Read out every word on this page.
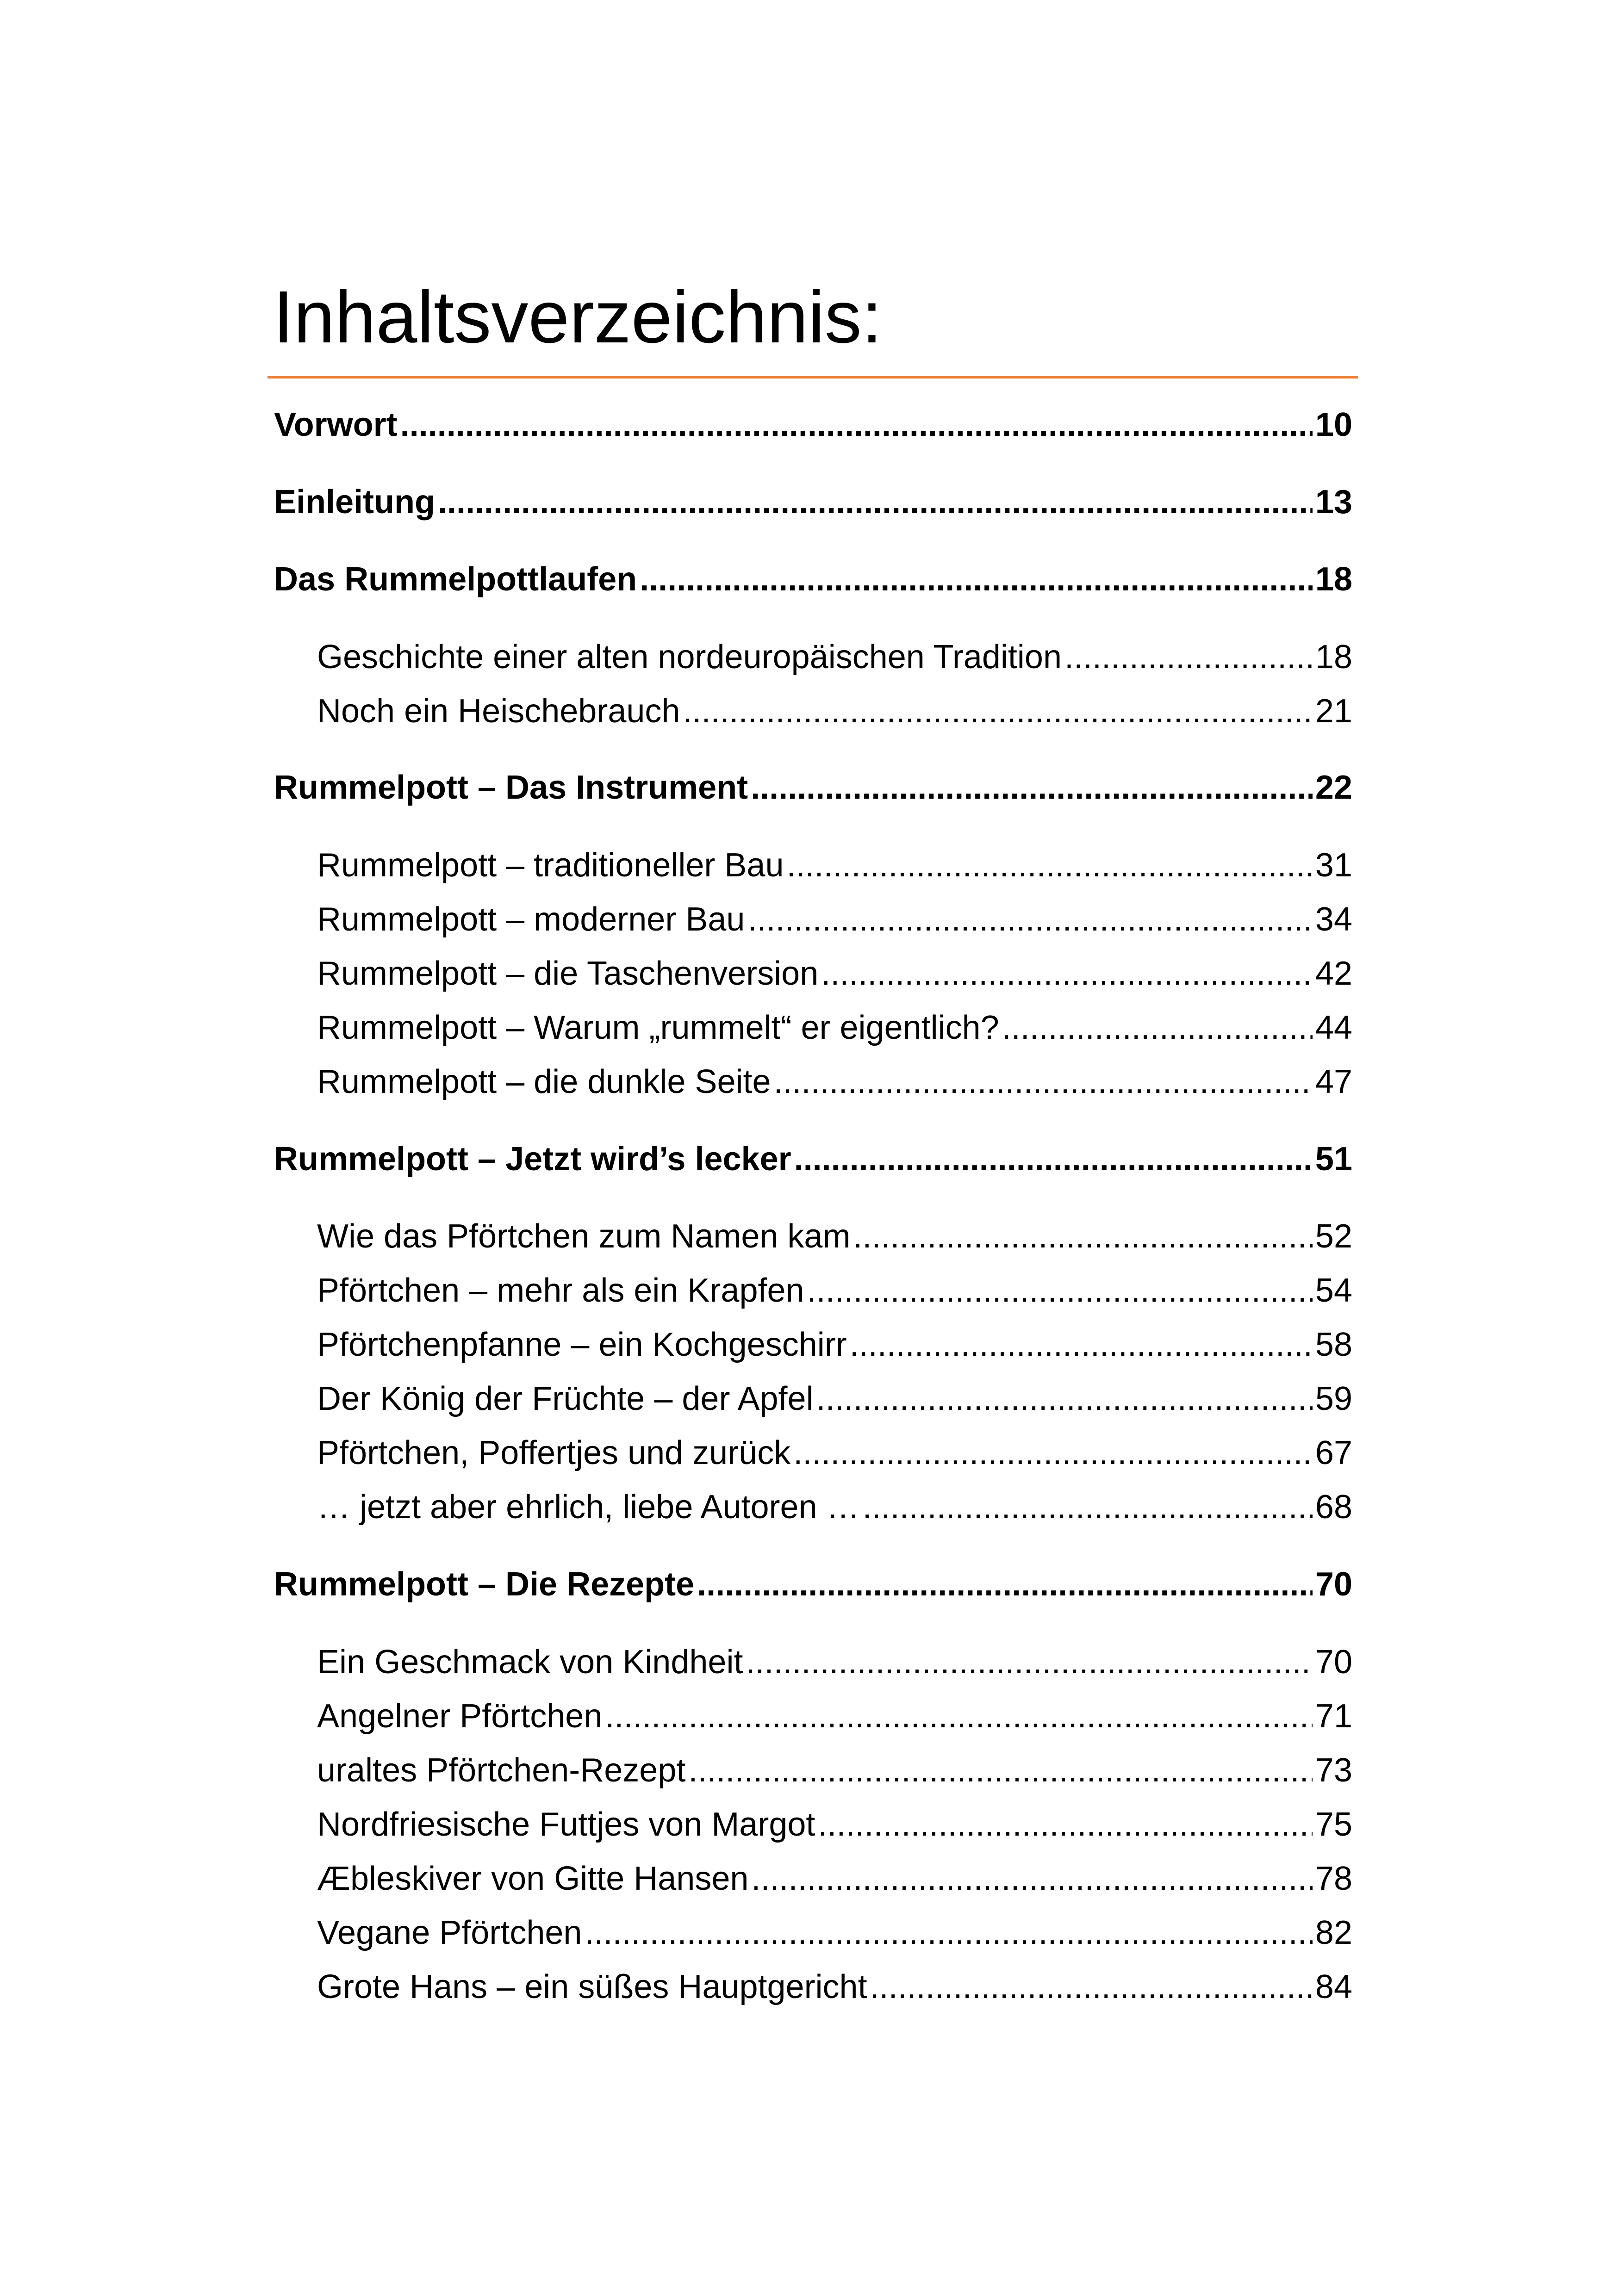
Inhaltsverzeichnis:
Vorwort .....	10
Einleitung .....	13
Das Rummelpottlaufen .....	18
Geschichte einer alten nordeuropäischen Tradition .....	18
Noch ein Heischebrauch .....	21
Rummelpott – Das Instrument .....	22
Rummelpott – traditioneller Bau .....	31
Rummelpott – moderner Bau .....	34
Rummelpott – die Taschenversion .....	42
Rummelpott – Warum „rummelt“ er eigentlich? .....	44
Rummelpott – die dunkle Seite .....	47
Rummelpott – Jetzt wird’s lecker .....	51
Wie das Pförtchen zum Namen kam .....	52
Pförtchen – mehr als ein Krapfen .....	54
Pförtchenpfanne – ein Kochgeschirr .....	58
Der König der Früchte – der Apfel .....	59
Pförtchen, Poffertjes und zurück .....	67
… jetzt aber ehrlich, liebe Autoren … .....	68
Rummelpott – Die Rezepte .....	70
Ein Geschmack von Kindheit .....	70
Angelner Pförtchen .....	71
uraltes Pförtchen-Rezept .....	73
Nordfriesische Futtjes von Margot .....	75
Æbleskiver von Gitte Hansen .....	78
Vegane Pförtchen .....	82
Grote Hans – ein süßes Hauptgericht .....	84
